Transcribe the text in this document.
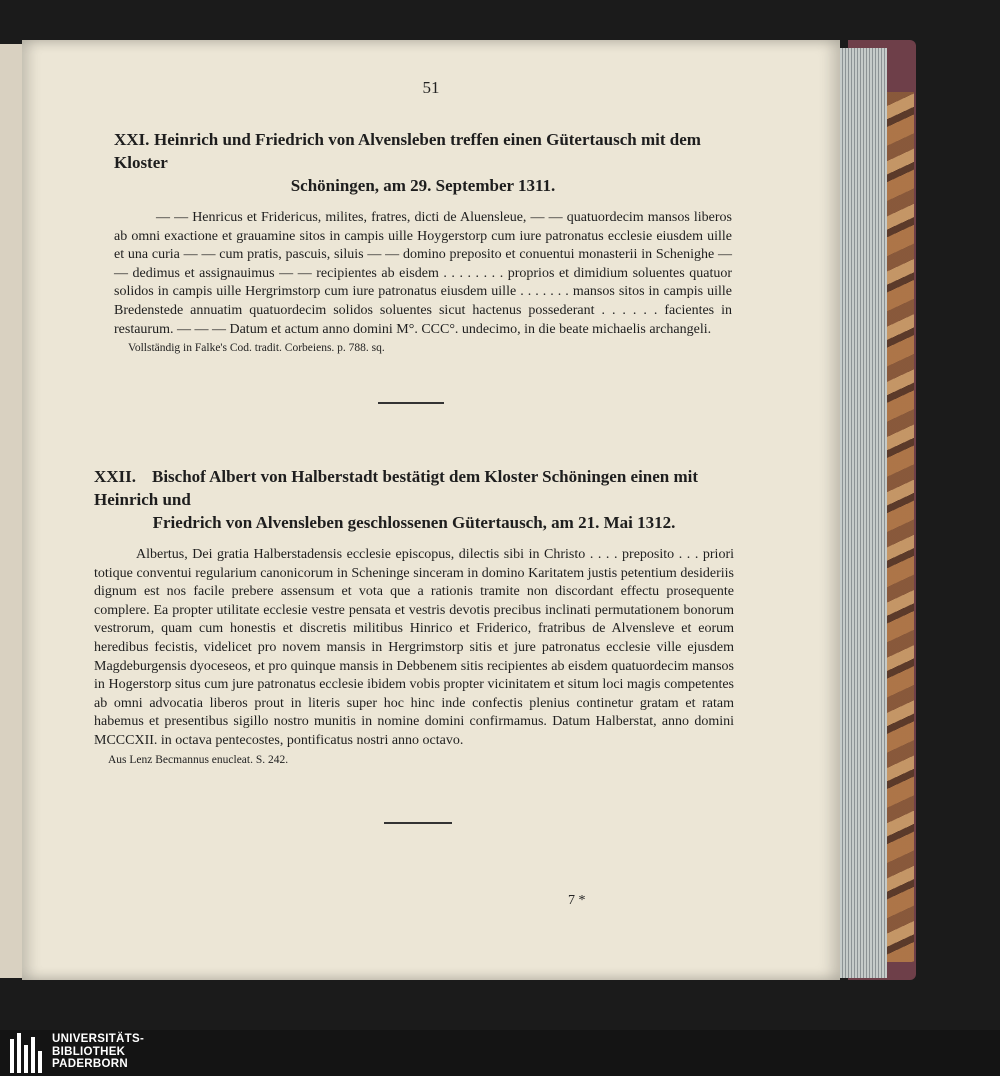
51
XXI. Heinrich und Friedrich von Alvensleben treffen einen Gütertausch mit dem Kloster
Schöningen, am 29. September 1311.

— — Henricus et Fridericus, milites, fratres, dicti de Aluensleue, — — quatuordecim mansos liberos ab omni exactione et grauamine sitos in campis uille Hoygerstorp cum iure patronatus ecclesie eiusdem uille et una curia — — cum pratis, pascuis, siluis — — domino preposito et conuentui monasterii in Schenighe — — dedimus et assignauimus — — recipientes ab eisdem . . . . . . . . proprios et dimidium soluentes quatuor solidos in campis uille Hergrimstorp cum iure patronatus eiusdem uille . . . . . . . mansos sitos in campis uille Bredenstede annuatim quatuordecim solidos soluentes sicut hactenus possederant . . . . . . facientes in restaurum. — — — Datum et actum anno domini M°. CCC°. undecimo, in die beate michaelis archangeli.

Vollständig in Falke's Cod. tradit. Corbeiens. p. 788. sq.
XXII. Bischof Albert von Halberstadt bestätigt dem Kloster Schöningen einen mit Heinrich und
Friedrich von Alvensleben geschlossenen Gütertausch, am 21. Mai 1312.

Albertus, Dei gratia Halberstadensis ecclesie episcopus, dilectis sibi in Christo . . . . preposito . . . priori totique conventui regularium canonicorum in Scheninge sinceram in domino Karitatem justis petentium desideriis dignum est nos facile prebere assensum et vota que a rationis tramite non discordant effectu prosequente complere. Ea propter utilitate ecclesie vestre pensata et vestris devotis precibus inclinati permutationem bonorum vestrorum, quam cum honestis et discretis militibus Hinrico et Friderico, fratribus de Alvensleve et eorum heredibus fecistis, videlicet pro novem mansis in Hergrimstorp sitis et jure patronatus ecclesie ville ejusdem Magdeburgensis dyocesеos, et pro quinque mansis in Debbenem sitis recipientes ab eisdem quatuordecim mansos in Hogerstorp situs cum jure patronatus ecclesie ibidem vobis propter vicinitatem et situm loci magis competentes ab omni advocatia liberos prout in literis super hoc hinc inde confectis plenius continetur gratam et ratam habemus et presentibus sigillo nostro munitis in nomine domini confirmamus. Datum Halberstat, anno domini MCCCXII. in octava pentecostes, pontificatus nostri anno octavo.

Aus Lenz Becmannus enucleat. S. 242.
7 *
UNIVERSITÄTS-
BIBLIOTHEK
PADERBORN
